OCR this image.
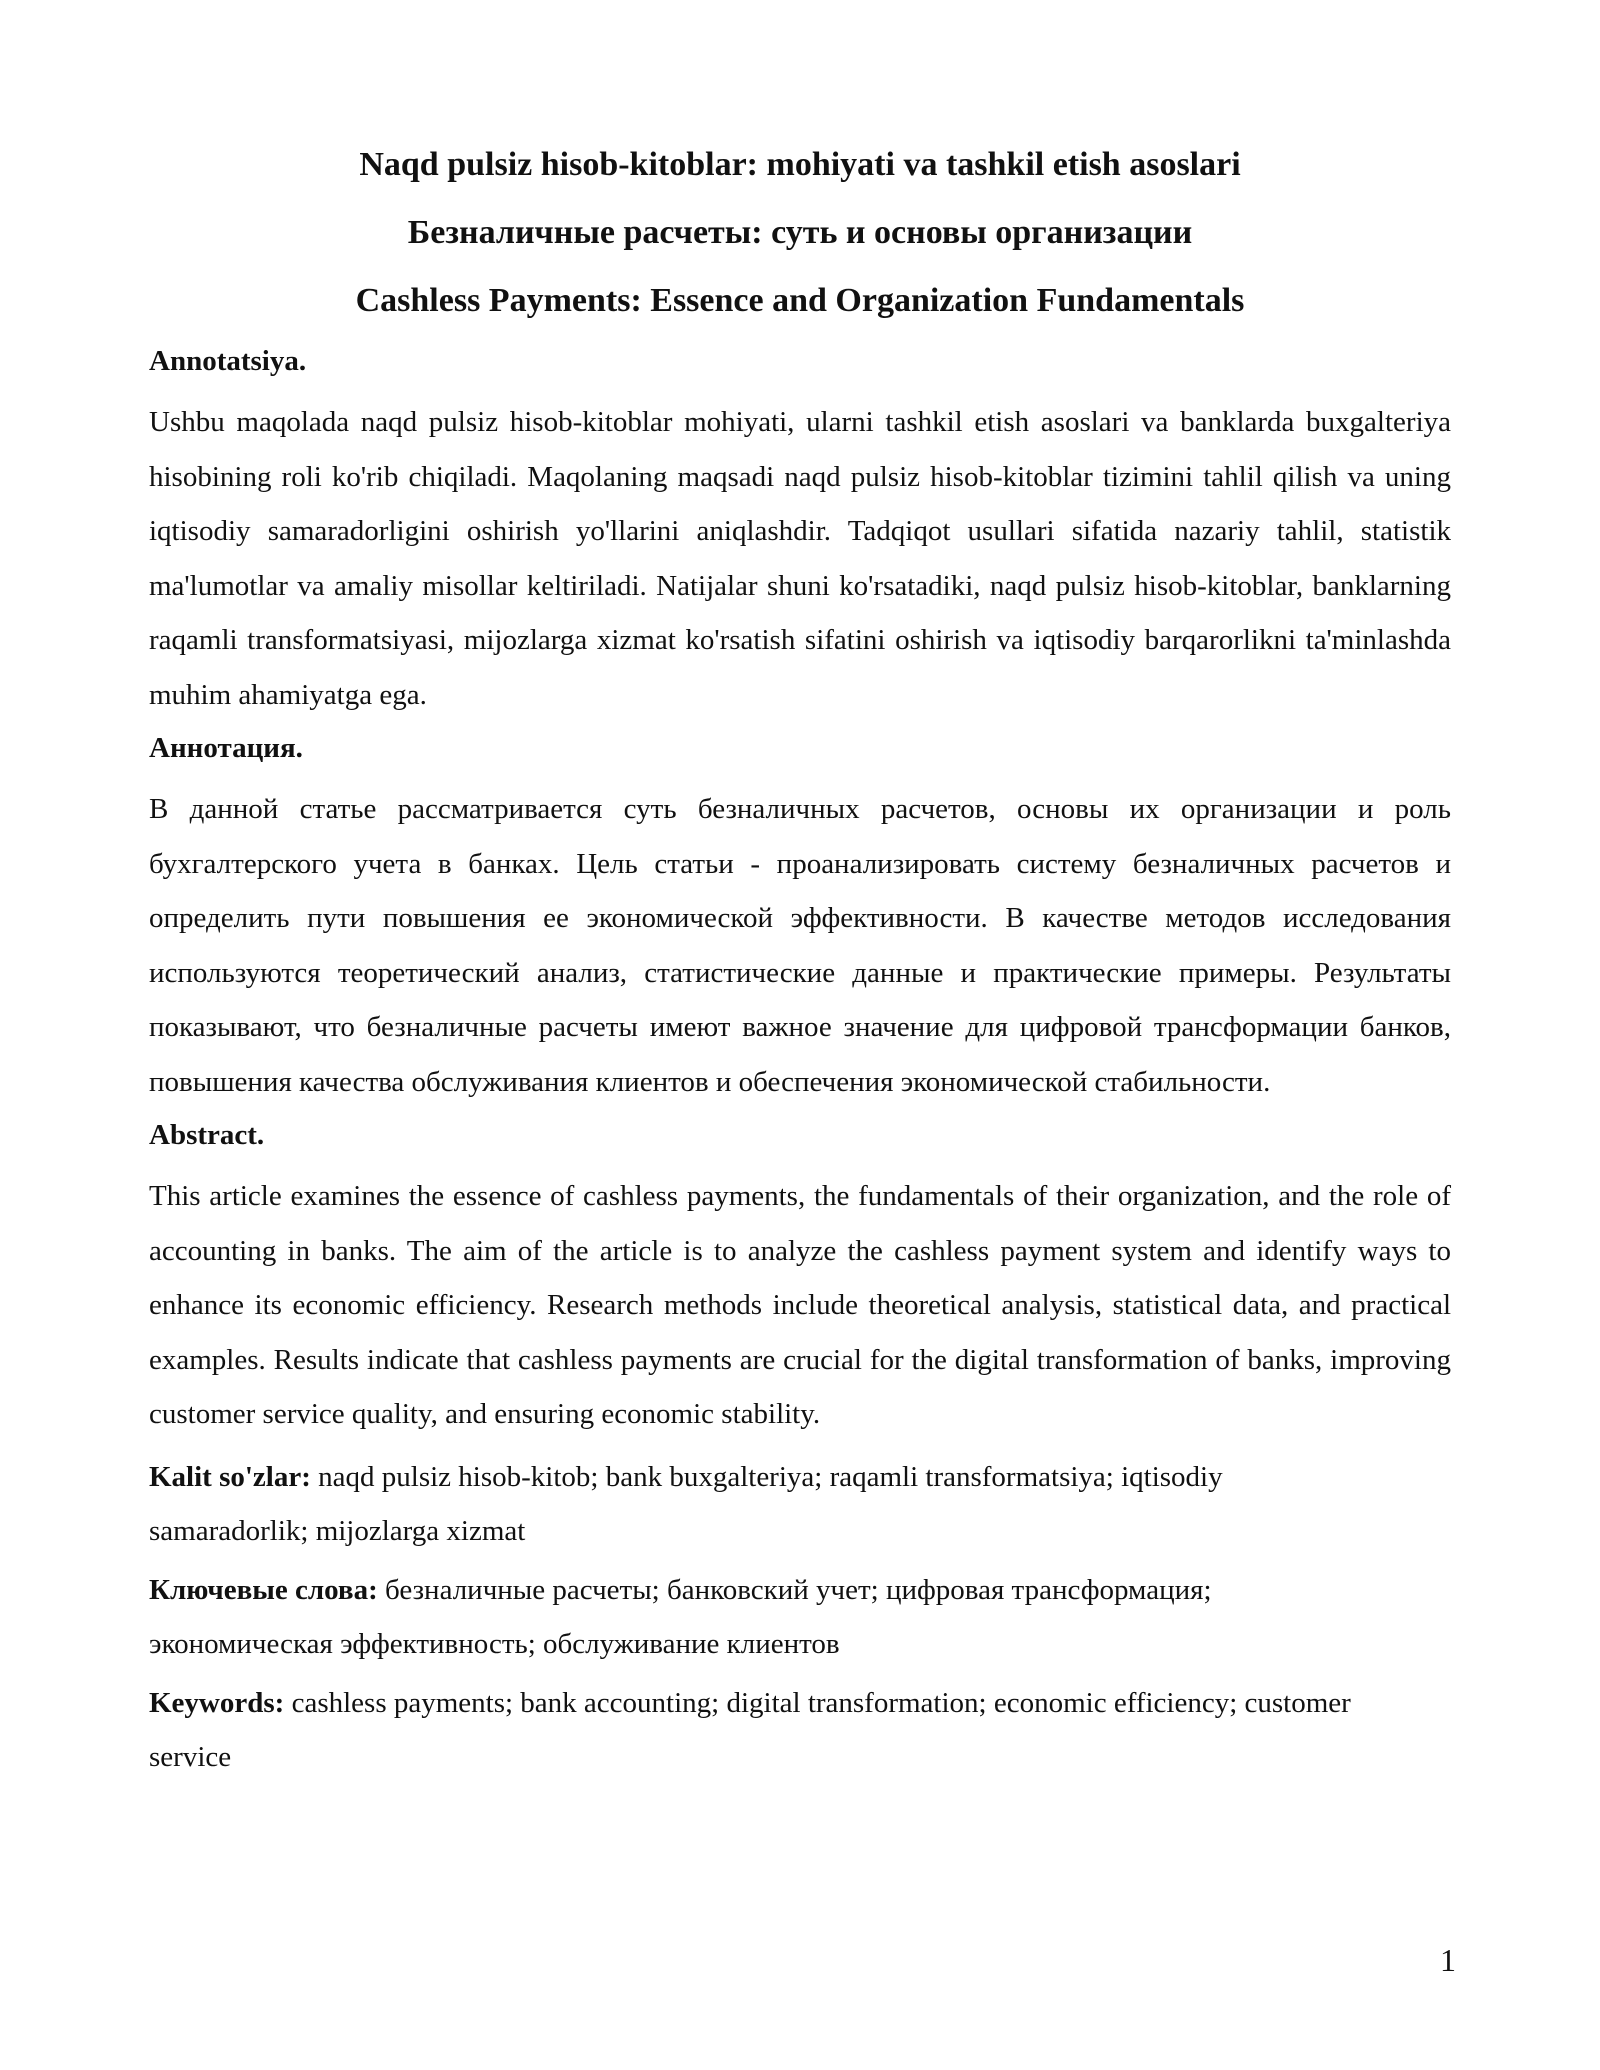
Naqd pulsiz hisob-kitoblar: mohiyati va tashkil etish asoslari
Безналичные расчеты: суть и основы организации
Cashless Payments: Essence and Organization Fundamentals
Annotatsiya.
Ushbu maqolada naqd pulsiz hisob-kitoblar mohiyati, ularni tashkil etish asoslari va banklarda buxgalteriya hisobining roli ko'rib chiqiladi. Maqolaning maqsadi naqd pulsiz hisob-kitoblar tizimini tahlil qilish va uning iqtisodiy samaradorligini oshirish yo'llarini aniqlashdir. Tadqiqot usullari sifatida nazariy tahlil, statistik ma'lumotlar va amaliy misollar keltiriladi. Natijalar shuni ko'rsatadiki, naqd pulsiz hisob-kitoblar, banklarning raqamli transformatsiyasi, mijozlarga xizmat ko'rsatish sifatini oshirish va iqtisodiy barqarorlikni ta'minlashda muhim ahamiyatga ega.
Аннотация.
В данной статье рассматривается суть безналичных расчетов, основы их организации и роль бухгалтерского учета в банках. Цель статьи - проанализировать систему безналичных расчетов и определить пути повышения ее экономической эффективности. В качестве методов исследования используются теоретический анализ, статистические данные и практические примеры. Результаты показывают, что безналичные расчеты имеют важное значение для цифровой трансформации банков, повышения качества обслуживания клиентов и обеспечения экономической стабильности.
Abstract.
This article examines the essence of cashless payments, the fundamentals of their organization, and the role of accounting in banks. The aim of the article is to analyze the cashless payment system and identify ways to enhance its economic efficiency. Research methods include theoretical analysis, statistical data, and practical examples. Results indicate that cashless payments are crucial for the digital transformation of banks, improving customer service quality, and ensuring economic stability.
Kalit so'zlar: naqd pulsiz hisob-kitob; bank buxgalteriya; raqamli transformatsiya; iqtisodiy
samaradorlik; mijozlarga xizmat
Ключевые слова: безналичные расчеты; банковский учет; цифровая трансформация;
экономическая эффективность; обслуживание клиентов
Keywords: cashless payments; bank accounting; digital transformation; economic efficiency; customer
service
1
